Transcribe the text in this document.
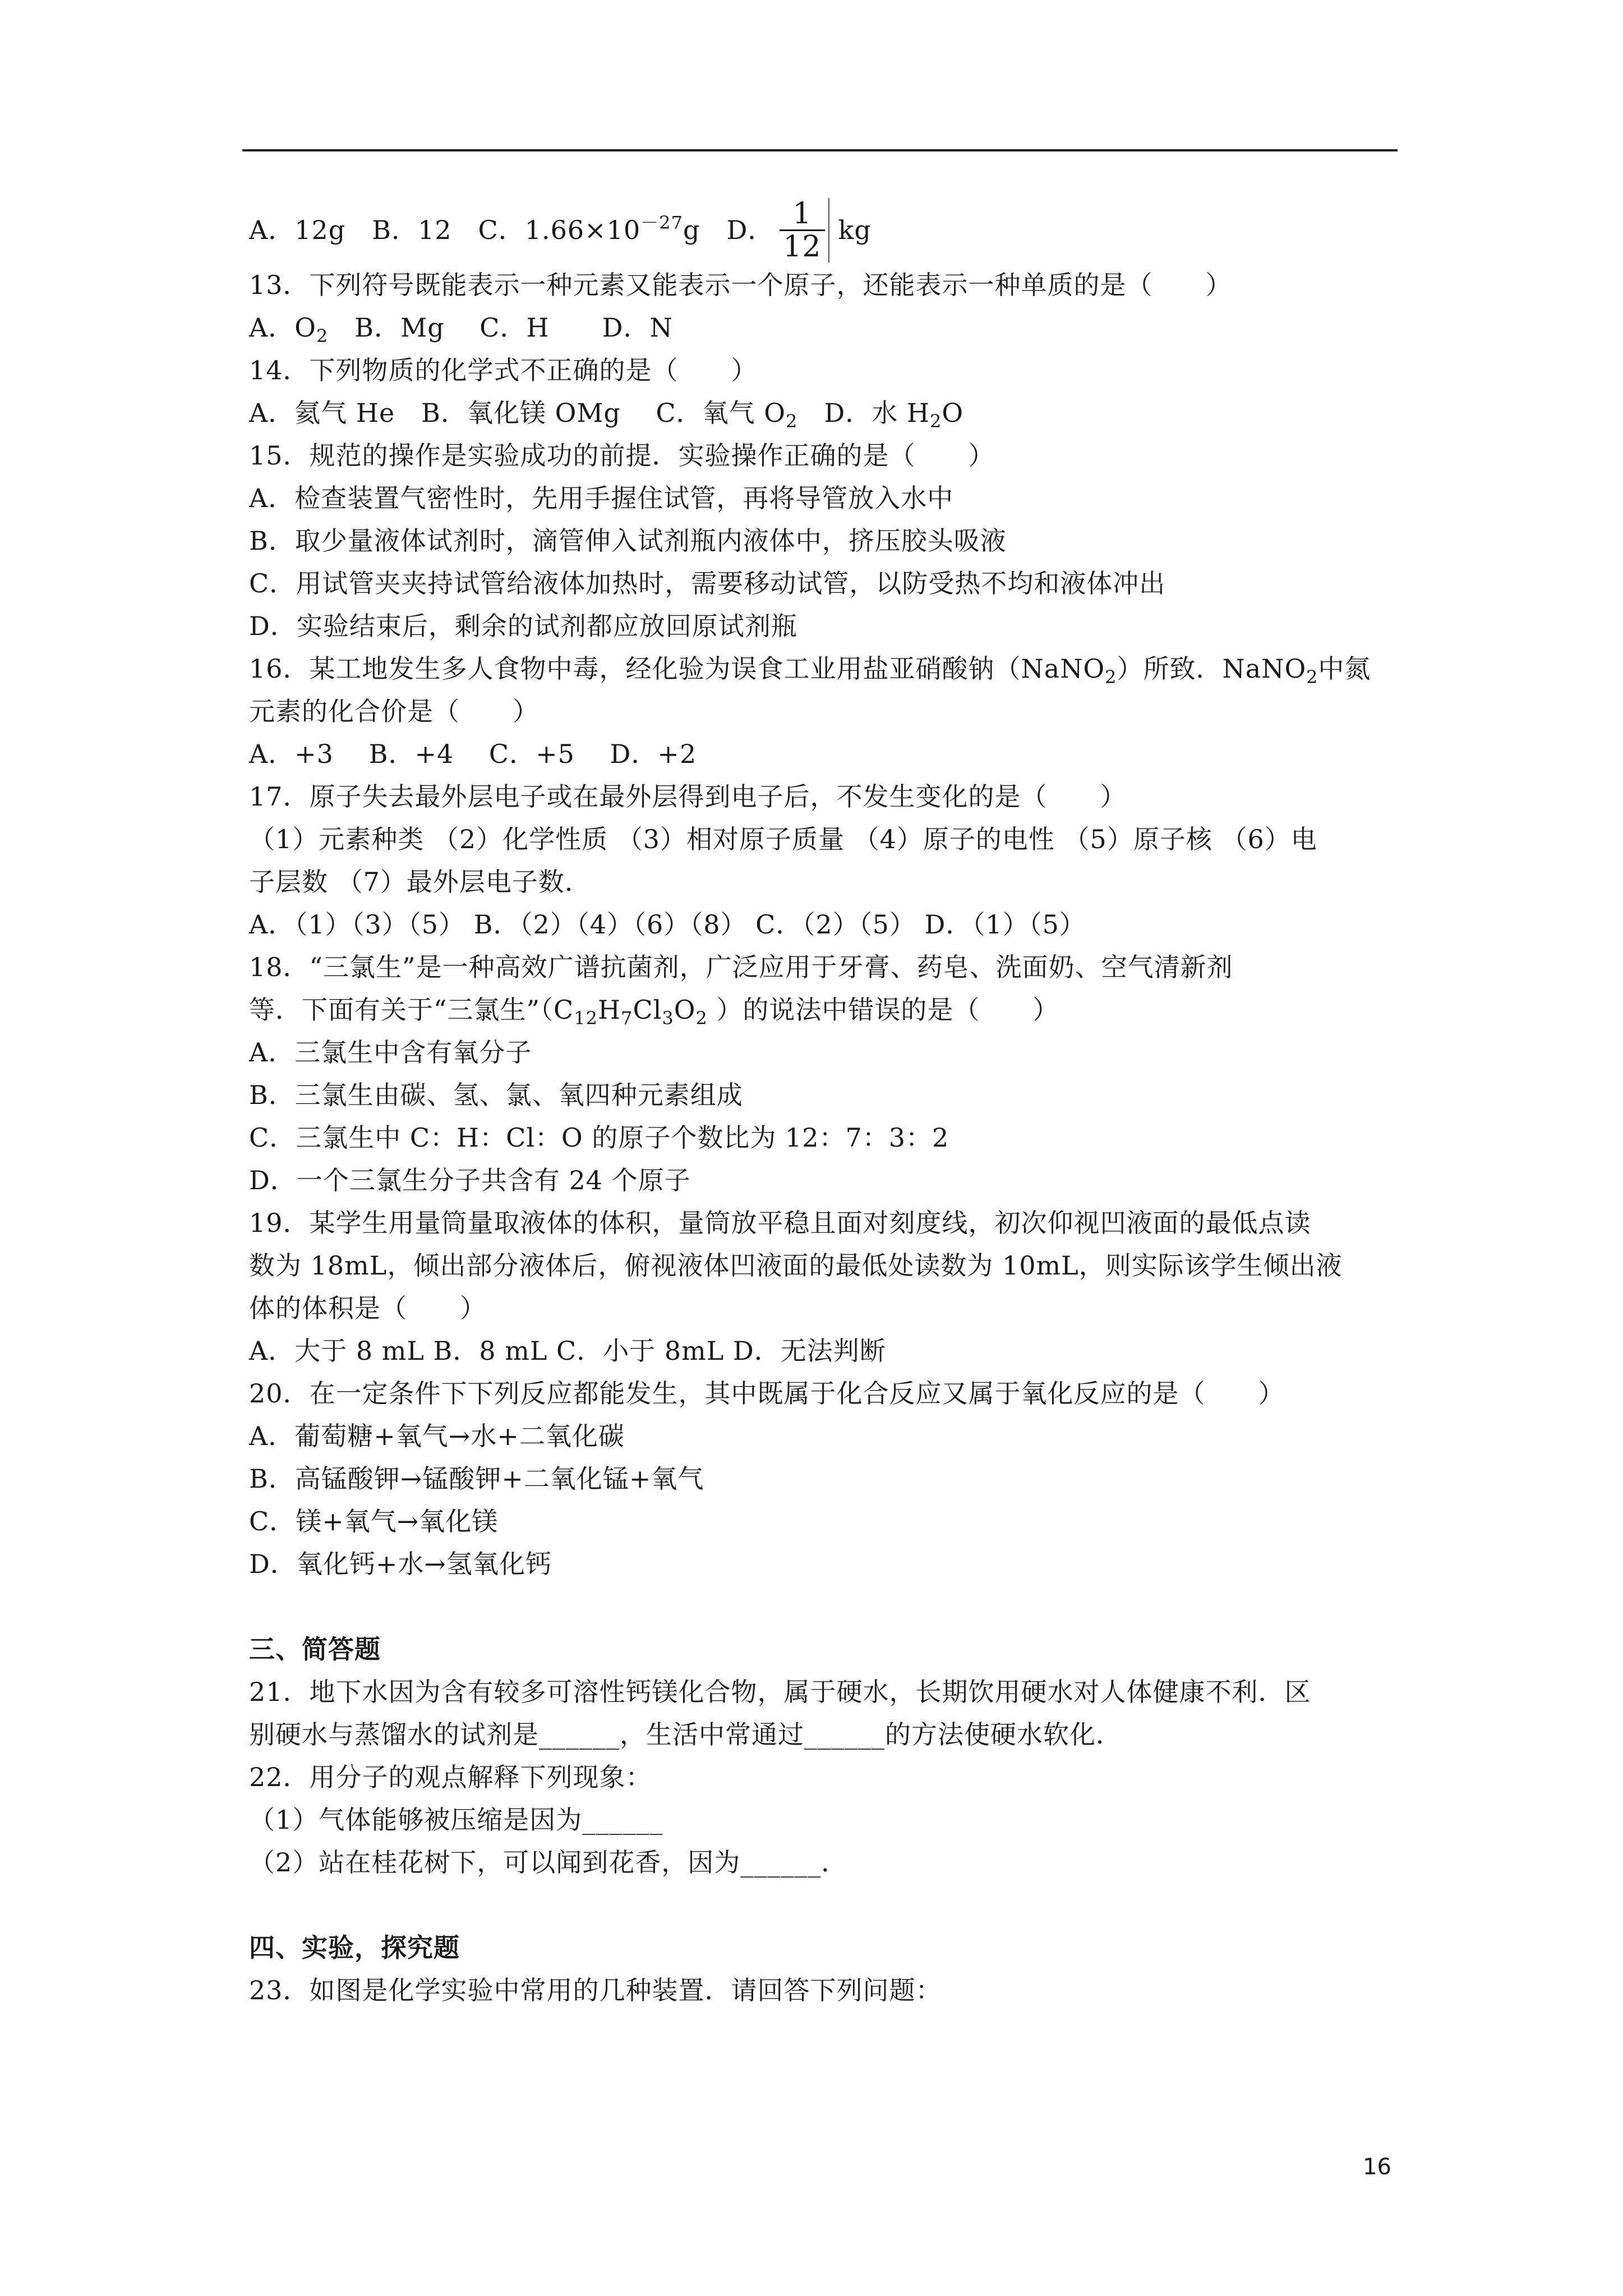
A．12g
　 B．12
　 C．$1.66\times 10^{-27}g$
  D． $\frac{1}{12}$ kg
13．下列符号既能表示一种元素又能表示一个原子，还能表示一种单质的是（　　）
A．$O_2$　B．Mg　 C．H　　D．N
14．下列物质的化学式不正确的是（　　）
A．氦气 He　B．氧化镁 OMg　 C．氧气 $O_2$　D．水 $H_2O$
15．规范的操作是实验成功的前提．实验操作正确的是（　　）
A．检查装置气密性时，先用手握住试管，再将导管放入水中
B．取少量液体试剂时，滴管伸入试剂瓶内液体中，挤压胶头吸液
C．用试管夹夹持试管给液体加热时，需要移动试管，以防受热不均和液体冲出
D．实验结束后，剩余的试剂都应放回原试剂瓶
16．某工地发生多人食物中毒，经化验为误食工业用盐亚硝酸钠（NaNO$_2$）所致．NaNO$_2$中氮
元素的化合价是（　　）
A．+3　 B．+4　 C．+5　 D．+2
17．原子失去最外层电子或在最外层得到电子后，不发生变化的是（　　）
（1）元素种类 （2）化学性质 （3）相对原子质量 （4）原子的电性 （5）原子核 （6）电
子层数 （7）最外层电子数．
A．（1）（3）（5） B．（2）（4）（6）（8） C．（2）（5） D．（1）（5）
18．“三氯生”是一种高效广谱抗菌剂，广泛应用于牙膏、药皂、洗面奶、空气清新剂
等．下面有关于“三氯生$”(C_{12}H_7Cl_3O_2$ ）的说法中错误的是（　　）
A．三氯生中含有氧分子
B．三氯生由碳、氢、氯、氧四种元素组成
C．三氯生中 C：H：Cl：O 的原子个数比为 12：7：3：2
D．一个三氯生分子共含有 24 个原子
19．某学生用量筒量取液体的体积，量筒放平稳且面对刻度线，初次仰视凹液面的最低点读
数为 18mL，倾出部分液体后，俯视液体凹液面的最低处读数为 10mL，则实际该学生倾出液
体的体积是（　　）
A．大于 8 mL B．8 mL C．小于 8mL D．无法判断
20．在一定条件下下列反应都能发生，其中既属于化合反应又属于氧化反应的是（　　）
A．葡萄糖+氧气→水+二氧化碳
B．高锰酸钾→锰酸钾+二氧化锰+氧气
C．镁+氧气→氧化镁
D．氧化钙+水→氢氧化钙
三、简答题
21．地下水因为含有较多可溶性钙镁化合物，属于硬水，长期饮用硬水对人体健康不利．区
别硬水与蒸馏水的试剂是______，生活中常通过______的方法使硬水软化．
22．用分子的观点解释下列现象：
（1）气体能够被压缩是因为______
（2）站在桂花树下，可以闻到花香，因为______．
四、实验，探究题
23．如图是化学实验中常用的几种装置．请回答下列问题：
16
